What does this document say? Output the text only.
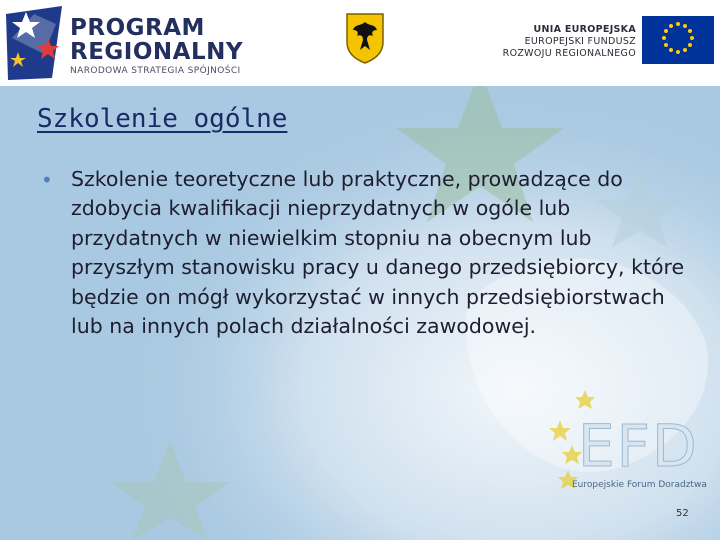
PROGRAM
REGIONALNY
NARODOWA STRATEGIA SPÓJNOŚCI
UNIA EUROPEJSKA
EUROPEJSKI FUNDUSZ
ROZWOJU REGIONALNEGO
Szkolenie ogólne
• Szkolenie teoretyczne lub praktyczne, prowadzące do zdobycia kwalifikacji nieprzydatnych w ogóle lub przydatnych w niewielkim stopniu na obecnym lub przyszłym stanowisku pracy u danego przedsiębiorcy, które będzie on mógł wykorzystać w innych przedsiębiorstwach lub na innych polach działalności zawodowej.
EFD
Europejskie Forum Doradztwa
52
